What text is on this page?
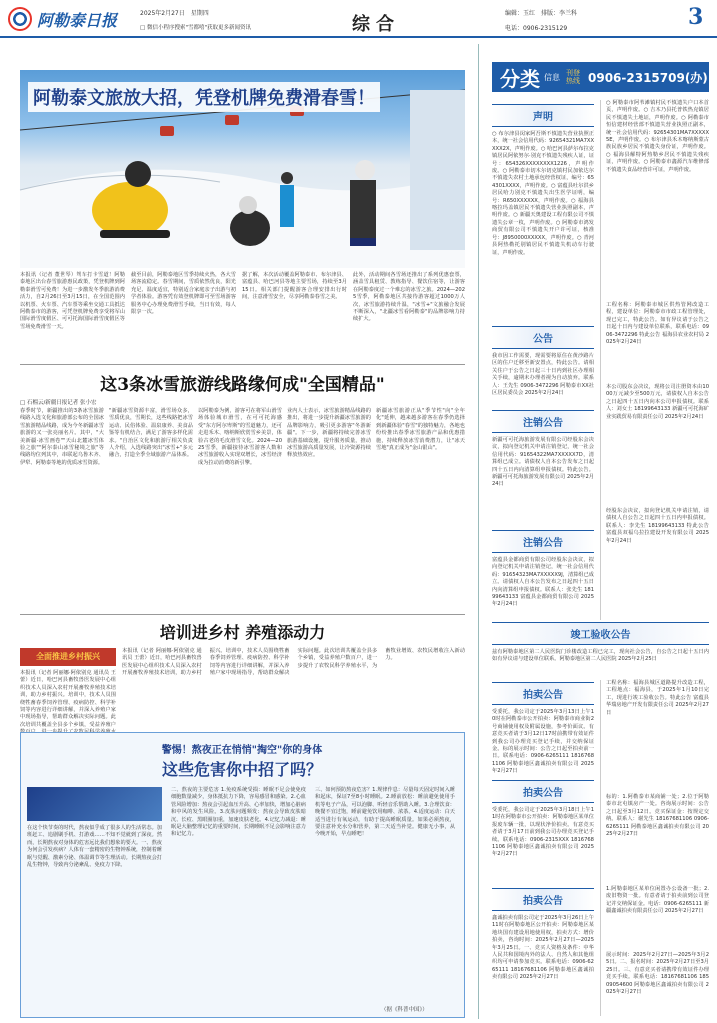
阿勒泰日报	2025年2月27日　星期四
□ 微信小程序搜索"雪都嘻"获取更多新闻资讯	综合
编辑：玉红　排版：李兰科
电话：0906-2315129	3
阿勒泰文旅放大招，凭登机牌免费滑春雪！
本报讯（记者 董世琴）驾车打卡雪道！阿勒泰地区出台春雪旅游惠民政策，凭登机牌到阿勒泰滑雪可免费！为进一步激发冬季旅游消费活力，自2月26日至3月15日，在全国范围内以机票、火车票、汽车票等乘坐交通工具抵达阿勒泰市的游客，可凭登机牌免费享受将军山国际滑雪度假区、可可托海国际滑雪度假区等雪场免费滑雪一天。
截至目前，阿勒泰地区雪季持续火热，各大雪场客流稳定。春雪期间，雪质依然优良，阳光充足、温度适宜，特别适合家庭亲子出游与初学者体验。游客凭有效登机牌即可至雪场游客服务中心办理免费滑雪手续，当日有效，每人限享一次。
据了解，本次活动覆盖阿勒泰市、布尔津县、富蕴县、哈巴河县等地主要雪场，持续至3月15日。相关部门提醒游客合理安排出行时间，注意滑雪安全，尽享阿勒泰春雪之美。
此外，活动期间各雪场还推出了系列优惠套票，涵盖雪具租赁、教练指导、餐饮住宿等，让游客在阿勒泰度过一个难忘的冰雪之旅。2024—2025雪季，阿勒泰地区共接待游客超过1000万人次，冰雪旅游持续升温，"冰雪+"文旅融合发展不断深入，"北疆冰雪看阿勒泰"的品牌影响力持续扩大。
这3条冰雪旅游线路缘何成"全国精品"
□ 石榴云/新疆日报记者 张小宏
春季时节，新疆推出的3条冰雪旅游线路入选文化和旅游部公布的全国冰雪旅游精品线路，成为今冬新疆冰雪旅游的又一张亮丽名片。其中，"大美新疆·冰雪画卷""天山北麓冰雪体验之旅""阿尔泰山冰雪秘境之旅"等线路均位列其中，串联起乌鲁木齐、伊犁、阿勒泰等地的优质冰雪资源。
"新疆冰雪资源丰富，滑雪场众多，雪质优良，雪期长，这些线路把冰雪运动、民俗体验、温泉康养、美食品鉴等有机结合，满足了游客多样化需求。"自治区文化和旅游厅相关负责人介绍，入选线路突出"冰雪+"多元融合，打造全季全域旅游产品体系。
以阿勒泰为例，游客可在将军山滑雪场体验城市滑雪，在可可托海感受"东方阿尔卑斯"的雪道魅力，还可走进禾木、喀纳斯欣赏雪乡美景，体验古老的毛皮滑雪文化。2024—2025雪季，新疆接待冰雪游客人数和冰雪旅游收入实现双增长，冰雪经济成为拉动消费的新引擎。
业内人士表示，冰雪旅游精品线路的推出，将进一步提升新疆冰雪旅游的品牌影响力，吸引更多游客"冬游新疆"。下一步，新疆将持续完善冰雪旅游基础设施，提升服务质量，推动冰雪旅游高质量发展，让冷资源持续释放热效应。
新疆冰雪旅游正从"季节性"向"全年化"延伸，越来越多游客在春季仍选择到新疆体验"春雪"的独特魅力，各地也纷纷推出春季冰雪旅游产品和优惠措施，持续释放冰雪消费潜力，让"冰天雪地"真正成为"金山银山"。
培训进乡村 养殖添动力
全面推进乡村振兴
本报讯（记者 阿丽娜·阿依别克 通讯员 王蕾）近日，哈巴河县畜牧兽医发展中心组织技术人员深入农村开展畜牧养殖技术培训，助力乡村振兴。培训中，技术人员围绕牲畜春季饲养管理、疫病防控、科学补饲等内容进行详细讲解，并深入养殖户家中现场指导，帮助群众解决实际问题。此次培训共覆盖全县多个乡镇，受益养殖户
本报讯（记者 阿丽娜·阿依别克 通讯员 王蕾）近日，哈巴河县畜牧兽医发展中心组织技术人员深入农村开展畜牧养殖技术培训，助力乡村振兴。培训中，技术人员围绕牲畜春季饲养管理、疫病防控、科学补饲等内容进行详细讲解，并深入养殖户家中现场指导，帮助群众解决实际问题。此次培训共覆盖全县多个乡镇，受益养殖户数百户，进一步提升了农牧民科学养殖水平，为畜牧业增效、农牧民增收注入新动力。
警惕！熬夜正在悄悄"掏空"你的身体
这些危害你中招了吗？
在这个快节奏的时代，熬夜似乎成了很多人的生活常态。加班赶工、追剧刷手机、打游戏……不知不觉就到了深夜。然而，长期熬夜对身体的危害远比我们想象的要大。一、熬夜为何会引发疾病？人体有一套精密的生物钟系统，控制着睡眠与觉醒、激素分泌、体温调节等生理活动。长期熬夜会打乱生物钟，导致内分泌紊乱、免疫力下降。
二、熬夜的主要危害 1.免疫系统受损：睡眠不足会使免疫细胞数量减少，身体抵抗力下降，容易感冒和感染。2.心血管风险增加：熬夜会引起血压升高、心率加快，增加心脏病和中风的发生风险。3.皮肤问题频发：熬夜会导致皮肤暗沉、长痘、黑眼圈加重，加速皮肤老化。4.记忆力减退：睡眠是大脑整理记忆的重要时间，长期睡眠不足会影响注意力和记忆力。
三、如何预防熬夜危害？1.规律作息：尽量每天固定时间入睡和起床，保证7至8小时睡眠。2.睡前放松：睡前避免使用手机等电子产品，可以泡脚、听轻音乐帮助入睡。3.合理饮食：晚餐不宜过饱，睡前避免饮用咖啡、浓茶。4.适度运动：白天适当进行有氧运动，有助于提高睡眠质量。如果必须熬夜，要注意补充水分和营养，第二天适当补觉。健康无小事，从今晚开始，早点睡吧！
（据《科普中国》）
分类 信息 刊登热线 0906-2315709(办)
声明
○ 布尔津县闵家阿吾斯不慎遗失营业执照正本，统一社会信用代码：92654321MA7XXXXX2X，声明作废。○ 哈巴河县萨尔布拉克镇居民阿依努尔·别克不慎遗失残疾人证，证号：654326XXXXXXXX1226，声明作废。○ 阿勒泰市切木尔切克镇村民加依达尔不慎遗失农村土地承包经营权证，编号：654301XXXX，声明作废。○ 富蕴县吐尔洪乡居民哈力别克不慎遗失出生医学证明，编号：R650XXXXXX，声明作废。○ 福海县喀拉玛盖镇居民不慎遗失营业执照副本，声明作废。○ 新疆天奥建设工程有限公司不慎遗失公章一枚，声明作废。○ 阿勒泰市鸿发商贸有限公司不慎遗失开户许可证，核准号：J8950000XXXXX，声明作废。○ 青河县阿热勒托别镇居民不慎遗失机动车行驶证，声明作废。
公告
我市因工作需要，现需要将原住在黄沙路片区的住户迁移至新安置点，特此公告。请相关住户于公告之日起三十日内到社区办理相关手续，逾期未办理者视为自动放弃。联系人：王先生 0906-3472296 阿勒泰市XX社区居民委员会 2025年2月24日
注销公告
新疆可可托海旅游发展有限公司经股东会决议，拟向登记机关申请注销登记，统一社会信用代码：91654322MA7XXXXX7D，清算组已成立。请债权人自本公告发布之日起四十五日内向清算组申报债权。特此公告。新疆可可托海旅游发展有限公司 2025年2月24日
注销公告
富蕴县金都商贸有限公司经股东会决议，拟向登记机关申请注销登记，统一社会信用代码：91654323MA7XXXXX9J，清算组已成立。请债权人自本公告发布之日起四十五日内向清算组申报债权。联系人：张先生 18199643133 富蕴县金都商贸有限公司 2025年2月24日
竣工验收公告
兹有阿勒泰地区第二人民医院门诊楼改造工程已完工，现向社会公告，自公告之日起十五日内如有异议请与建设单位联系。阿勒泰地区第二人民医院 2025年2月25日
拍卖公告
受委托，我公司定于2025年3月13日上午10时在阿勒泰市公开拍卖：阿勒泰市商业街2号商铺使用权及附属设施，参考价面议。有意竞买者请于3月12日17时前携带有效证件到我公司办理竞买登记手续，并交纳保证金。标的展示时间：公告之日起至拍卖前一日。联系电话：0906-6265111 18167681106 阿勒泰地区鑫诚拍卖有限公司 2025年2月27日
拍卖公告
受委托，我公司定于2025年3月18日上午11时在阿勒泰市公开拍卖：阿勒泰地区某单位报废车辆一批，以现状净价拍卖。有意竞买者请于3月17日前到我公司办理竞买登记手续。联系电话：0906-2315XXX 18167681106 阿勒泰地区鑫诚拍卖有限公司 2025年2月27日
拍卖公告
鑫诚拍卖有限公司定于2025年3月26日上午11时在阿勒泰地区公开拍卖：阿勒泰地区某地块国有建设用地使用权，拍卖方式：增价拍卖，咨询时间：2025年2月27日—2025年3月25日。一、竞买人资格及条件：中华人民共和国境内外的法人、自然人和其他组织均可申请参加竞买。联系电话：0906-6265111 18167681106 阿勒泰地区鑫诚拍卖有限公司 2025年2月27日
○ 阿勒泰市阿苇滩镇村民不慎遗失户口本首页，声明作废。○ 吉木乃县托普铁热克镇居民不慎遗失土地证，声明作废。○ 阿勒泰市恒信建材经营部不慎遗失营业执照正副本，统一社会信用代码：92654301MA7XXXXX5E，声明作废。○ 布尔津县禾木喀纳斯蒙古族民族乡居民不慎遗失身份证，声明作废。○ 福海县解特阿热勒乡居民不慎遗失残疾证，声明作废。○ 阿勒泰市鑫源汽车维修部不慎遗失食品经营许可证，声明作废。
工程名称：阿勒泰市城区供热管网改造工程，建设单位：阿勒泰市市政工程管理处，现已完工，特此公告。如有异议请于公告之日起十日内与建设单位联系，联系电话：0906-3472296 特此公告 福海县农业农村局 2025年2月24日
本公司股东会决议，现将公司注册资本由1000万元减少至500万元，请债权人自本公告之日起四十五日内向本公司申报债权。联系人：刘女士 18199643133 新疆可可托海矿业实践贸易有限责任公司 2025年2月24日
经股东会决议，拟向登记机关申请注销，请债权人自公告之日起四十五日内申报债权。联系人：李先生 18199643133 特此公告 富蕴县双福乌拉拉建设开发有限公司 2025年2月24日
工程名称：福海县城区道路提升改造工程，工程地点：福海县，于2025年1月10日完工，现进行竣工验收公告。特此公告 富蕴县华瑞房地产开发有限责任公司 2025年2月27日
标的：1.阿勒泰市某商铺一处；2.位于阿勒泰市北屯镇房产一处。咨询展示时间：公告之日起至3月12日。竞买保证金：按规定交纳。联系人：谢先生 18167681106 0906-6265111 阿勒泰地区鑫诚拍卖有限公司 2025年2月27日
1.阿勒泰地区某单位闲置办公设备一批；2.废旧物资一批。有意者请于拍卖前到公司登记并交纳保证金。电话：0906-6265111 新疆鑫诚拍卖有限责任公司 2025年2月27日
展示时间：2025年2月27日—2025年3月25日。二、报名时间：2025年2月27日至3月25日。三、有意竞买者请携带有效证件办理竞买手续。联系电话：18167681106 18509054600 阿勒泰地区鑫诚拍卖有限公司 2025年2月27日
